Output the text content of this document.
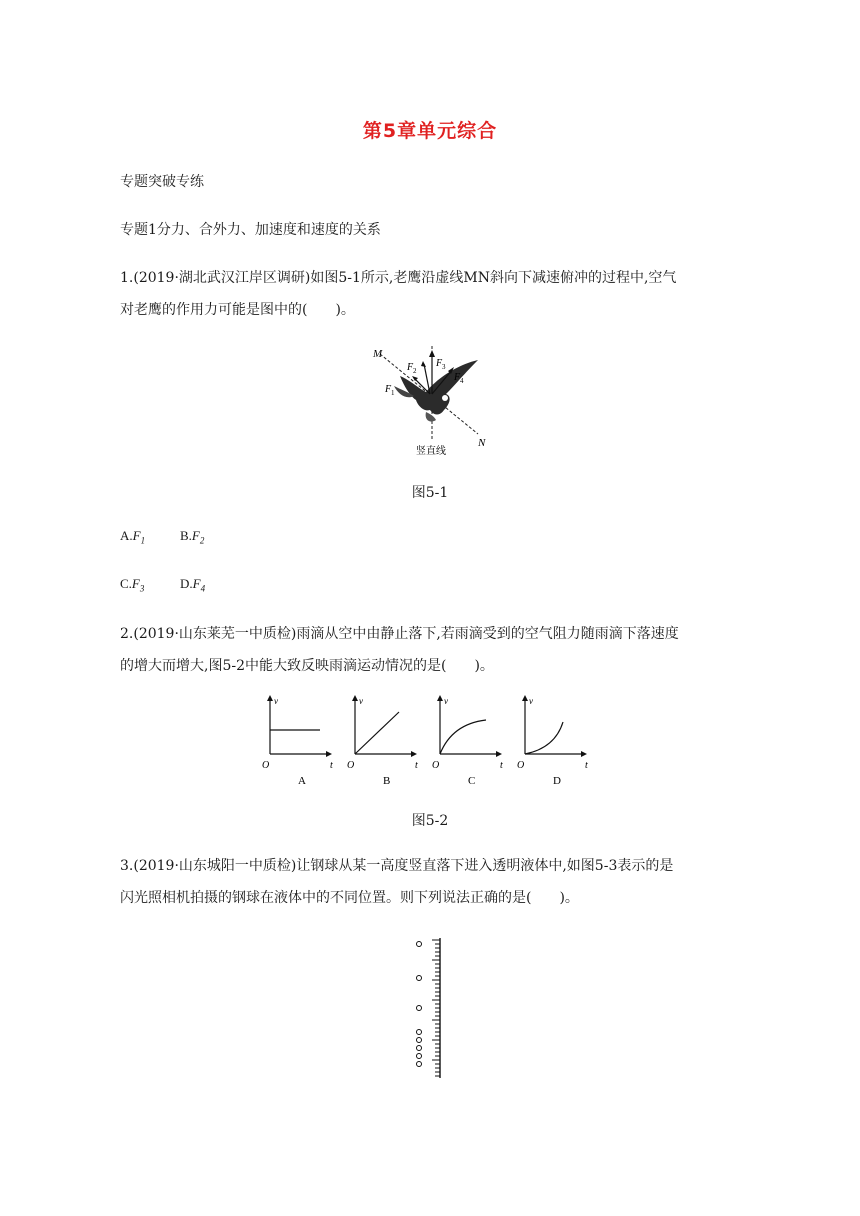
第5章单元综合
专题突破专练
专题1分力、合外力、加速度和速度的关系
1.(2019·湖北武汉江岸区调研)如图5-1所示,老鹰沿虚线MN斜向下减速俯冲的过程中,空气
对老鹰的作用力可能是图中的(　　)。
M
N
F 1
F 2
F 3
F 4
竖直线
图5-1
$A.F_1$	$B.F_2$
$C.F_3$	$D.F_4$
2.(2019·山东莱芜一中质检)雨滴从空中由静止落下,若雨滴受到的空气阻力随雨滴下落速度
的增大而增大,图5-2中能大致反映雨滴运动情况的是(　　)。
v
t
O
A
v
t
O
B
v
t
O
C
v
t
O
D
图5-2
3.(2019·山东城阳一中质检)让钢球从某一高度竖直落下进入透明液体中,如图5-3表示的是
闪光照相机拍摄的钢球在液体中的不同位置。则下列说法正确的是(　　)。
